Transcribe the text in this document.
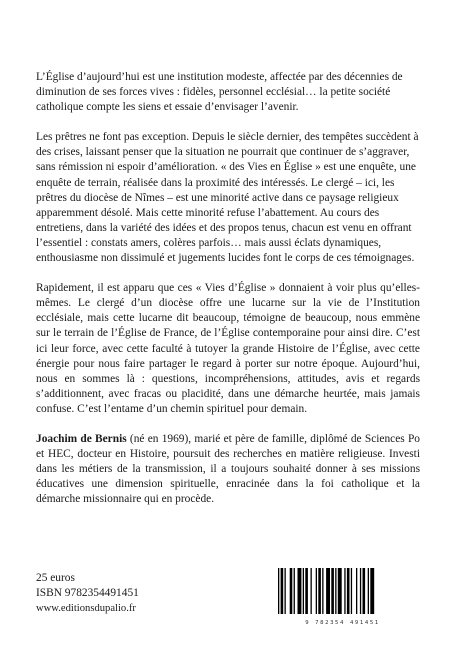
L’Église d’aujourd’hui est une institution modeste, affectée par des décennies de diminution de ses forces vives : fidèles, personnel ecclésial… la petite société catholique compte les siens et essaie d’envisager l’avenir.

Les prêtres ne font pas exception. Depuis le siècle dernier, des tempêtes succèdent à des crises, laissant penser que la situation ne pourrait que continuer de s’aggraver, sans rémission ni espoir d’amélioration. « des Vies en Église » est une enquête, une enquête de terrain, réalisée dans la proximité des intéressés. Le clergé – ici, les prêtres du diocèse de Nîmes – est une minorité active dans ce paysage religieux apparemment désolé. Mais cette minorité refuse l’abattement. Au cours des entretiens, dans la variété des idées et des propos tenus, chacun est venu en offrant l’essentiel : constats amers, colères parfois… mais aussi éclats dynamiques, enthousiasme non dissimulé et jugements lucides font le corps de ces témoignages.

Rapidement, il est apparu que ces « Vies d’Église » donnaient à voir plus qu’elles-mêmes. Le clergé d’un diocèse offre une lucarne sur la vie de l’Institution ecclésiale, mais cette lucarne dit beaucoup, témoigne de beaucoup, nous emmène sur le terrain de l’Église de France, de l’Église contemporaine pour ainsi dire. C’est ici leur force, avec cette faculté à tutoyer la grande Histoire de l’Église, avec cette énergie pour nous faire partager le regard à porter sur notre époque. Aujourd’hui, nous en sommes là : questions, incompréhensions, attitudes, avis et regards s’additionnent, avec fracas ou placidité, dans une démarche heurtée, mais jamais confuse. C’est l’entame d’un chemin spirituel pour demain.

Joachim de Bernis (né en 1969), marié et père de famille, diplômé de Sciences Po et HEC, docteur en Histoire, poursuit des recherches en matière religieuse. Investi dans les métiers de la transmission, il a toujours souhaité donner à ses missions éducatives une dimension spirituelle, enracinée dans la foi catholique et la démarche missionnaire qui en procède.

25 euros
ISBN 9782354491451
www.editionsdupalio.fr
9 782354 491451
